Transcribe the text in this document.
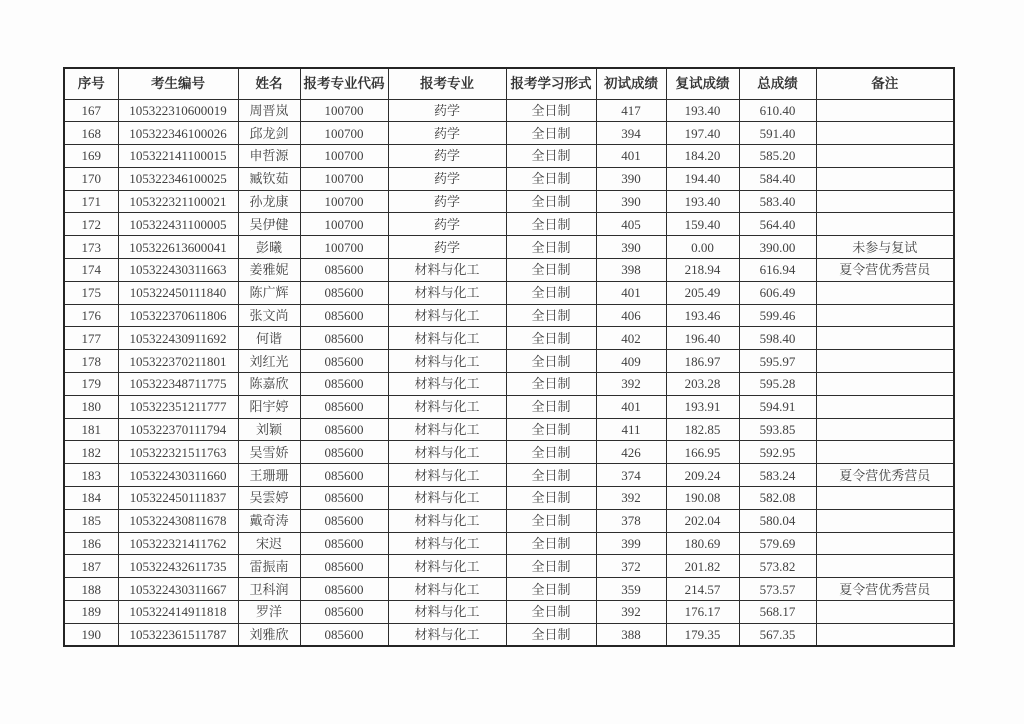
序号	考生编号	姓名	报考专业代码	报考专业	报考学习形式	初试成绩	复试成绩	总成绩	备注
167	105322310600019	周晋岚	100700	药学	全日制	417	193.40	610.40	
168	105322346100026	邱龙剑	100700	药学	全日制	394	197.40	591.40	
169	105322141100015	申哲源	100700	药学	全日制	401	184.20	585.20	
170	105322346100025	臧钦茹	100700	药学	全日制	390	194.40	584.40	
171	105322321100021	孙龙康	100700	药学	全日制	390	193.40	583.40	
172	105322431100005	吴伊健	100700	药学	全日制	405	159.40	564.40	
173	105322613600041	彭曦	100700	药学	全日制	390	0.00	390.00	未参与复试
174	105322430311663	姜雅妮	085600	材料与化工	全日制	398	218.94	616.94	夏令营优秀营员
175	105322450111840	陈广辉	085600	材料与化工	全日制	401	205.49	606.49	
176	105322370611806	张文尚	085600	材料与化工	全日制	406	193.46	599.46	
177	105322430911692	何谐	085600	材料与化工	全日制	402	196.40	598.40	
178	105322370211801	刘红光	085600	材料与化工	全日制	409	186.97	595.97	
179	105322348711775	陈嘉欣	085600	材料与化工	全日制	392	203.28	595.28	
180	105322351211777	阳宇婷	085600	材料与化工	全日制	401	193.91	594.91	
181	105322370111794	刘颖	085600	材料与化工	全日制	411	182.85	593.85	
182	105322321511763	吴雪娇	085600	材料与化工	全日制	426	166.95	592.95	
183	105322430311660	王珊珊	085600	材料与化工	全日制	374	209.24	583.24	夏令营优秀营员
184	105322450111837	吴雲婷	085600	材料与化工	全日制	392	190.08	582.08	
185	105322430811678	戴奇涛	085600	材料与化工	全日制	378	202.04	580.04	
186	105322321411762	宋迟	085600	材料与化工	全日制	399	180.69	579.69	
187	105322432611735	雷振南	085600	材料与化工	全日制	372	201.82	573.82	
188	105322430311667	卫科润	085600	材料与化工	全日制	359	214.57	573.57	夏令营优秀营员
189	105322414911818	罗洋	085600	材料与化工	全日制	392	176.17	568.17	
190	105322361511787	刘雅欣	085600	材料与化工	全日制	388	179.35	567.35	
